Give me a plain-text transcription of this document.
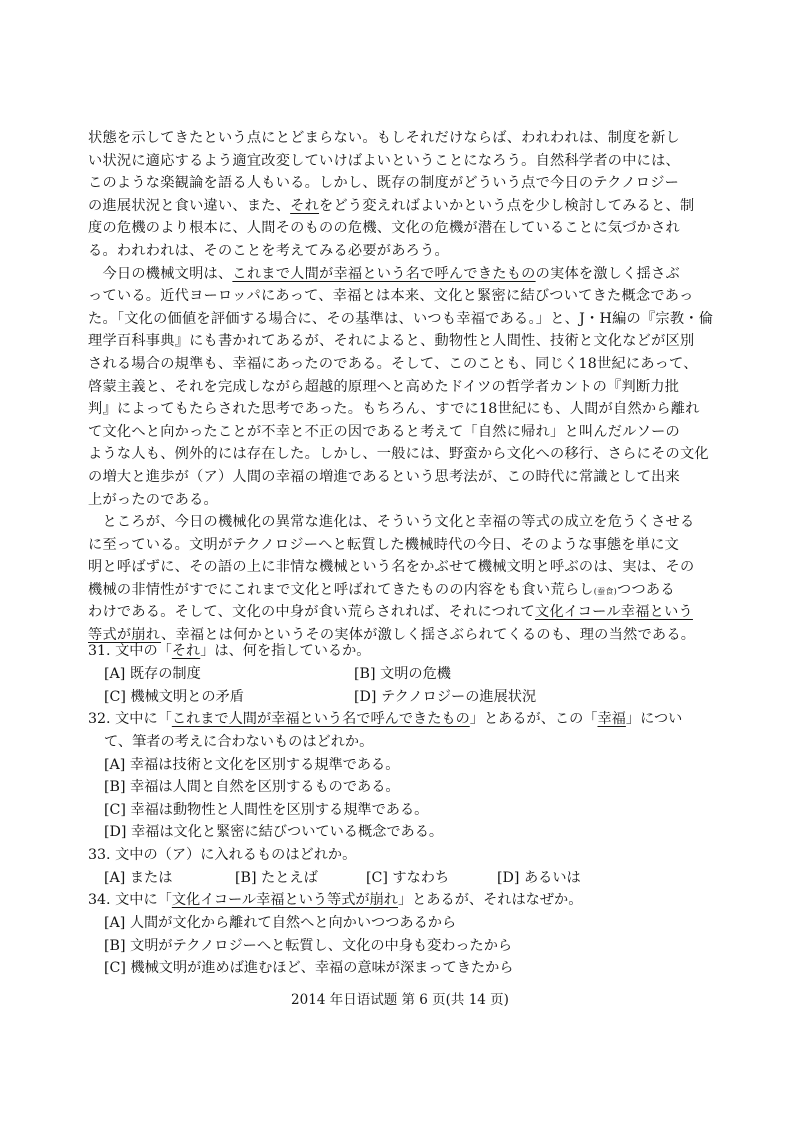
状態を示してきたという点にとどまらない。もしそれだけならば、われわれは、制度を新し
い状況に適応するよう適宜改変していけばよいということになろう。自然科学者の中には、
このような楽観論を語る人もいる。しかし、既存の制度がどういう点で今日のテクノロジー
の進展状況と食い違い、また、それをどう変えればよいかという点を少し検討してみると、制
度の危機のより根本に、人間そのものの危機、文化の危機が潜在していることに気づかされ
る。われわれは、そのことを考えてみる必要があろう。
　今日の機械文明は、これまで人間が幸福という名で呼んできたものの実体を激しく揺さぶ
っている。近代ヨーロッパにあって、幸福とは本来、文化と緊密に結びついてきた概念であっ
た。「文化の価値を評価する場合に、その基準は、いつも幸福である。」と、J・H編の『宗教・倫
理学百科事典』にも書かれてあるが、それによると、動物性と人間性、技術と文化などが区別
される場合の規準も、幸福にあったのである。そして、このことも、同じく18世紀にあって、
啓蒙主義と、それを完成しながら超越的原理へと高めたドイツの哲学者カントの『判断力批
判』によってもたらされた思考であった。もちろん、すでに18世紀にも、人間が自然から離れ
て文化へと向かったことが不幸と不正の因であると考えて「自然に帰れ」と叫んだルソーの
ような人も、例外的には存在した。しかし、一般には、野蛮から文化への移行、さらにその文化
の増大と進歩が（ア）人間の幸福の増進であるという思考法が、この時代に常識として出来
上がったのである。
　ところが、今日の機械化の異常な進化は、そういう文化と幸福の等式の成立を危うくさせる
に至っている。文明がテクノロジーへと転質した機械時代の今日、そのような事態を単に文
明と呼ばずに、その語の上に非情な機械という名をかぶせて機械文明と呼ぶのは、実は、その
機械の非情性がすでにこれまで文化と呼ばれてきたものの内容をも食い荒らし(蚕食)つつある
わけである。そして、文化の中身が食い荒らされれば、それにつれて文化イコール幸福という
等式が崩れ、幸福とは何かというその実体が激しく揺さぶられてくるのも、理の当然である。
31. 文中の「それ」は、何を指しているか。
[A] 既存の制度	[B] 文明の危機
[C] 機械文明との矛盾	[D] テクノロジーの進展状況
32. 文中に「これまで人間が幸福という名で呼んできたもの」とあるが、この「幸福」につい
て、筆者の考えに合わないものはどれか。
[A] 幸福は技術と文化を区別する規準である。
[B] 幸福は人間と自然を区別するものである。
[C] 幸福は動物性と人間性を区別する規準である。
[D] 幸福は文化と緊密に結びついている概念である。
33. 文中の（ア）に入れるものはどれか。
[A] または	[B] たとえば	[C] すなわち	[D] あるいは
34. 文中に「文化イコール幸福という等式が崩れ」とあるが、それはなぜか。
[A] 人間が文化から離れて自然へと向かいつつあるから
[B] 文明がテクノロジーへと転質し、文化の中身も変わったから
[C] 機械文明が進めば進むほど、幸福の意味が深まってきたから
2014 年日语试题 第 6 页(共 14 页)
